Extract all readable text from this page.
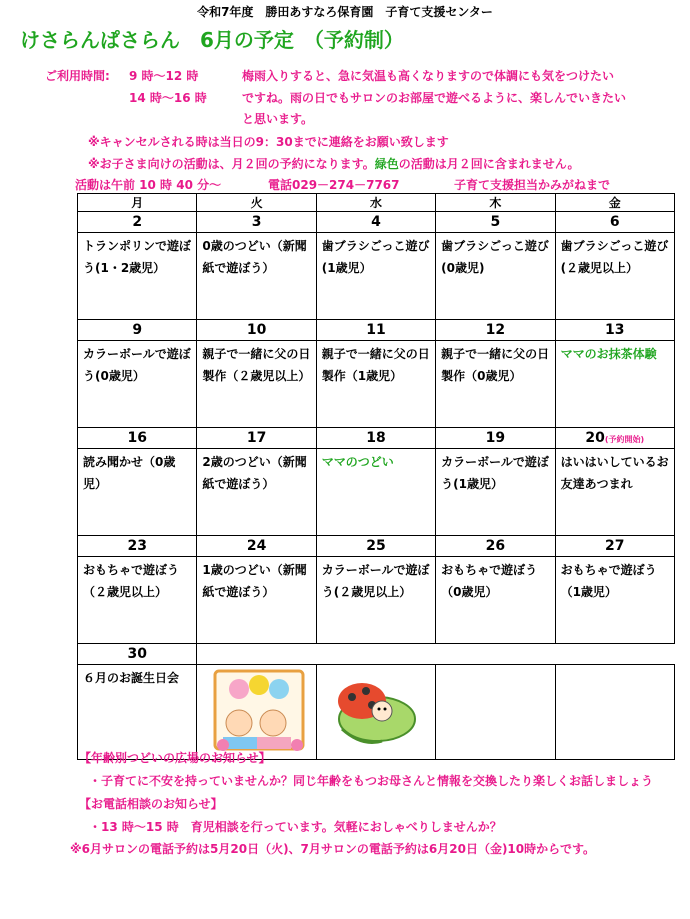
令和7年度　勝田あすなろ保育園　子育て支援センター
けさらんぱさらん　6月の予定　（予約制）
ご利用時間: 9 時～12 時	梅雨入りすると、急に気温も高くなりますので体調にも気をつけたい
14 時～16 時	ですね。雨の日でもサロンのお部屋で遊べるように、楽しんでいきたい
と思います。
※キャンセルされる時は当日の9：30までに連絡をお願い致します
※お子さま向けの活動は、月２回の予約になります。緑色の活動は月２回に含まれません。
活動は午前 10 時 40 分～	電話029－274－7767	子育て支援担当かみがねまで
月	火	水	木	金
2	3	4	5	6
トランポリンで遊ぼう(1・2歳児）	0歳のつどい（新聞紙で遊ぼう）	歯ブラシごっこ遊び(1歳児）	歯ブラシごっこ遊び(0歳児)	歯ブラシごっこ遊び(２歳児以上）
9	10	11	12	13
カラーボールで遊ぼう(0歳児）	親子で一緒に父の日製作（２歳児以上）	親子で一緒に父の日製作（1歳児）	親子で一緒に父の日製作（0歳児）	ママのお抹茶体験
16	17	18	19	20(予約開始)
読み聞かせ（0歳児）	2歳のつどい（新聞紙で遊ぼう）	ママのつどい	カラーボールで遊ぼう(1歳児）	はいはいしているお友達あつまれ
23	24	25	26	27
おもちゃで遊ぼう（２歳児以上）	1歳のつどい（新聞紙で遊ぼう）	カラーボールで遊ぼう(２歳児以上）	おもちゃで遊ぼう（0歳児）	おもちゃで遊ぼう（1歳児）
30				
６月のお誕生日会	

【年齢別つどいの広場のお知らせ】
・子育てに不安を持っていませんか？同じ年齢をもつお母さんと情報を交換したり楽しくお話しましょう
【お電話相談のお知らせ】
・13 時～15 時　育児相談を行っています。気軽におしゃべりしませんか？
※6月サロンの電話予約は5月20日（火)、7月サロンの電話予約は6月20日（金)10時からです。
